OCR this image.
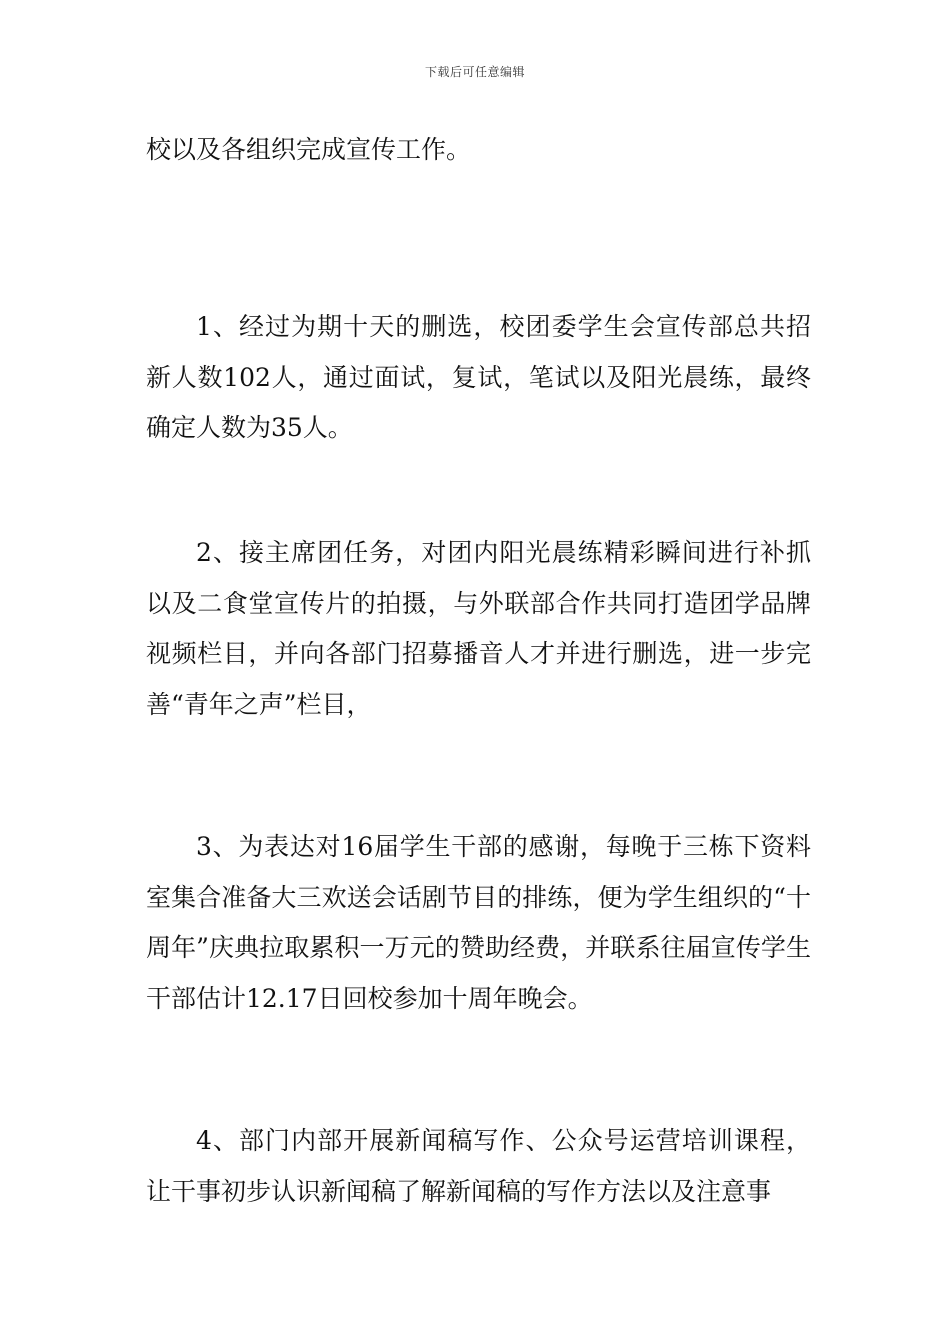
下载后可任意编辑

校以及各组织完成宣传工作。

1、经过为期十天的删选，校团委学生会宣传部总共招新人数102人，通过面试，复试，笔试以及阳光晨练，最终确定人数为35人。

2、接主席团任务，对团内阳光晨练精彩瞬间进行补抓以及二食堂宣传片的拍摄，与外联部合作共同打造团学品牌视频栏目，并向各部门招募播音人才并进行删选，进一步完善“青年之声”栏目，

3、为表达对16届学生干部的感谢，每晚于三栋下资料室集合准备大三欢送会话剧节目的排练，便为学生组织的“十周年”庆典拉取累积一万元的赞助经费，并联系往届宣传学生干部估计12.17日回校参加十周年晚会。

4、部门内部开展新闻稿写作、公众号运营培训课程，让干事初步认识新闻稿了解新闻稿的写作方法以及注意事
